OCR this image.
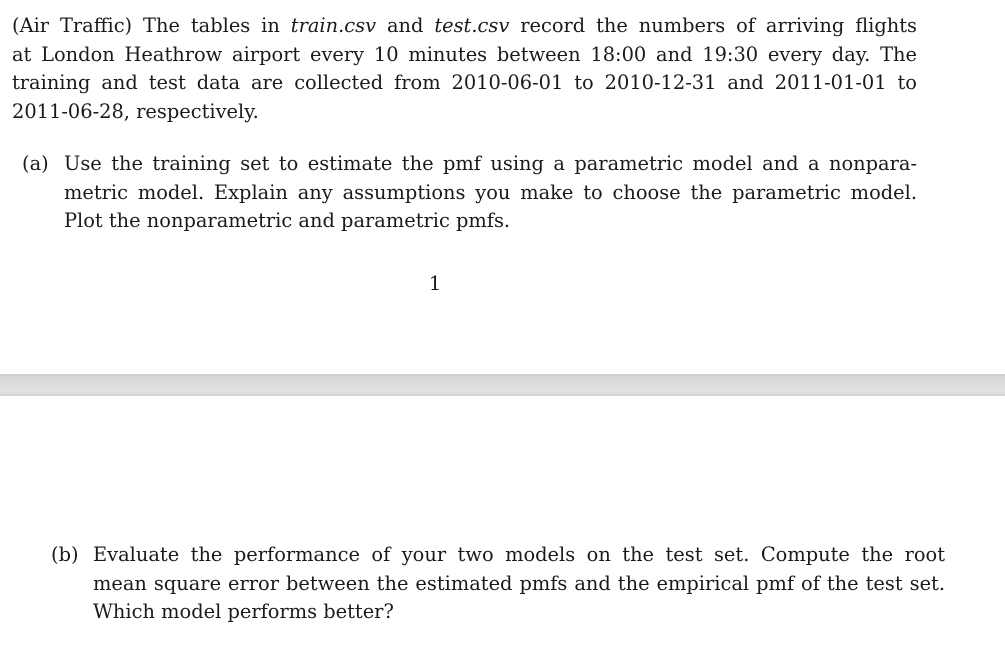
(Air Traffic) The tables in train.csv and test.csv record the numbers of arriving flights
at London Heathrow airport every 10 minutes between 18:00 and 19:30 every day. The
training and test data are collected from 2010-06-01 to 2010-12-31 and 2011-01-01 to
2011-06-28, respectively.
(a) Use the training set to estimate the pmf using a parametric model and a nonpara-
metric model. Explain any assumptions you make to choose the parametric model.
Plot the nonparametric and parametric pmfs.
1
(b) Evaluate the performance of your two models on the test set. Compute the root
mean square error between the estimated pmfs and the empirical pmf of the test set.
Which model performs better?
